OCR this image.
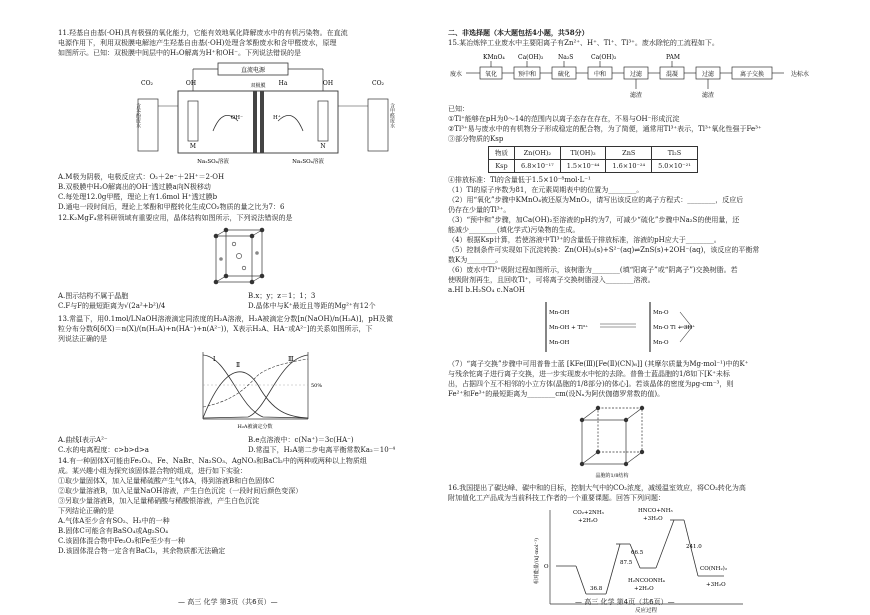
11.羟基自由基(·OH)具有极强的氧化能力，它能有效地氧化降解废水中的有机污染物。在直流
电源作用下，利用双极膜电解池产生羟基自由基(·OH)处理含苯酚废水和含甲醛废水，原理
如图所示。已知：双极膜中间层中的H₂O解离为H⁺和OH⁻。下列说法错误的是
直流电源
CO₂	OH	Ha	OH	CO₂
M	N
双极膜
OH⁻	H⁺
Na₂SO₄溶液	Na₂SO₄溶液
含苯酚废水	含甲醛废水
A.M极为阴极，电极反应式：O₂＋2e⁻＋2H⁺＝2·OH
B.双极膜中H₂O解离出的OH⁻透过膜a向N极移动
C.每处理12.0g甲醛，理论上有1.6mol H⁺透过膜b
D.通电一段时间后，理论上苯酚和甲醛转化生成CO₂物质的量之比为7：6
12.K₂MgF₄常科研领域有重要应用，晶体结构如图所示，下列说法错误的是
A.图示结构不属于晶胞	B.x；y；z＝1；1；3
C.F与F的最短距离为√(2a²+b²)/4	D.晶体中与K⁺最近且等距的Mg²⁺有12个
13.常温下，用0.1mol/LNaOH溶液滴定同浓度的H₂A溶液，H₂A被滴定分数[n(NaOH)/n(H₂A)]，pH及微
粒分布分数δ[δ(X)＝n(X)/(n(H₂A)+n(HA⁻)+n(A²⁻))，X表示H₂A、HA⁻或A²⁻]的关系如图所示，下
列说法正确的是
Ⅰ
Ⅱ
Ⅲ
50%
H₂A被滴定分数
A.曲线Ⅰ表示A²⁻	B.e点溶液中：c(Na⁺)＝3c(HA⁻)
C.水的电离程度：c>b>d>a	D.常温下，H₂A第二步电离平衡常数Ka₂＝10⁻⁴
14.有一种固体X可能由Fe₂O₃、Fe、NaBr、Na₂SO₃、AgNO₃和BaCl₂中的两种或两种以上物质组
成。某兴趣小组为探究该固体混合物的组成，进行如下实验：
①取少量固体X，加入足量稀硫酸产生气体A，得到溶液B和白色固体C
②取少量溶液B，加入足量NaOH溶液，产生白色沉淀（一段时间后颜色变深）
③另取少量溶液B，加入足量稀硝酸与稀酸银溶液，产生白色沉淀
下列结论正确的是
A.气体A至少含有SO₂、H₂中的一种
B.固体C可能含有BaSO₄或Ag₂SO₄
C.该固体混合物中Fe₂O₃和Fe至少有一种
D.该固体混合物一定含有BaCl₂，其余物质都无法确定
二、非选择题（本大题包括4小题，共58分）
15.某冶炼锌工业废水中主要阳离子有Zn²⁺、H⁺、Tl⁺、Tl³⁺。废水除铊的工流程如下。
KMnO₄ Ca(OH)₂ Na₂S	Ca(OH)₂	PAM
废水	氧化	预中和	硫化	中和	过滤	混凝	过滤	离子交换	达标水
滤渣	滤渣
已知：
①Tl⁺能够在pH为0～14的范围内以离子态存在存在，不易与OH⁻形成沉淀
②Tl³⁺易与废水中的有机物分子形成稳定的配合物，为了简便，通常用Tl³⁺表示，Tl³⁺氧化性强于Fe³⁺
③部分物质的Ksp
物质	Zn(OH)₂	Tl(OH)₃	ZnS	Tl₂S
Ksp	6.8×10⁻¹⁷	1.5×10⁻⁴⁴	1.6×10⁻²⁴	5.0×10⁻²¹
④排放标准：Tl的含量低于1.5×10⁻⁸mol·L⁻¹
（1）Tl的原子序数为81，在元素周期表中的位置为________。
（2）用“氧化”步骤中KMnO₄被还原为MnO₂，请写出该反应的离子方程式：________，反应后
仍存在少量的Tl³⁺。
（3）“预中和”步骤，加Ca(OH)₂至溶液的pH约为7，可减少“硫化”步骤中Na₂S的使用量，还
能减少________(填化学式)污染物的生成。
（4）根据Ksp计算，若使溶液中Tl³⁺的含量低于排放标准，溶液的pH应大于________。
（5）控制条件可实现如下沉淀转换：Zn(OH)₂(s)+S²⁻(aq)⇌ZnS(s)+2OH⁻(aq)，该反应的平衡常
数K为________。
（6）废水中Tl³⁺吸附过程如图所示，该树脂为________(填“阳离子”或“阴离子”)交换树脂。若
使吸附剂再生，且回收Tl⁺，可将离子交换树脂浸入________溶液。
a.HI b.H₂SO₄ c.NaOH
Mn-OH
Mn-OH + Tl³⁺
Mn-OH
Mn-O
Mn-O Tl + 3H⁺
Mn-O
（7）“离子交换”步骤中可用普鲁士蓝 [KFe(Ⅲ)[Fe(Ⅱ)(CN)₆]] (其摩尔质量为Mg·mol⁻¹)中的K⁺
与残余铊离子进行离子交换，进一步实现废水中铊的去除。普鲁士蓝晶胞的1/8如下[K⁺未标
出，占据四个互不相邻的小立方体(晶胞的1/8部分)的体心]。若该晶体的密度为ρg·cm⁻³，则
Fe²⁺和Fe³⁺的最短距离为________cm(设Nₐ为阿伏伽德罗常数的值)。
晶胞的1/8结构
16.我国提出了碳达峰、碳中和的目标，控制大气中的CO₂浓度，减缓温室效应，将CO₂转化为高
附加值化工产品成为当前科技工作者的一个重要课题。回答下列问题：
CO₂+2NH₃
+2H₂O
HNCO+NH₃
+3H₂O
66.5
87.5
36.8
241.0
H₂NCOONH₄
+2H₂O
CO(NH₂)₂
+3H₂O
O
反应过程
相对能量/(kJ·mol⁻¹)
— 高三 化学 第3页（共6页）—	— 高三 化学 第4页（共6页）—
